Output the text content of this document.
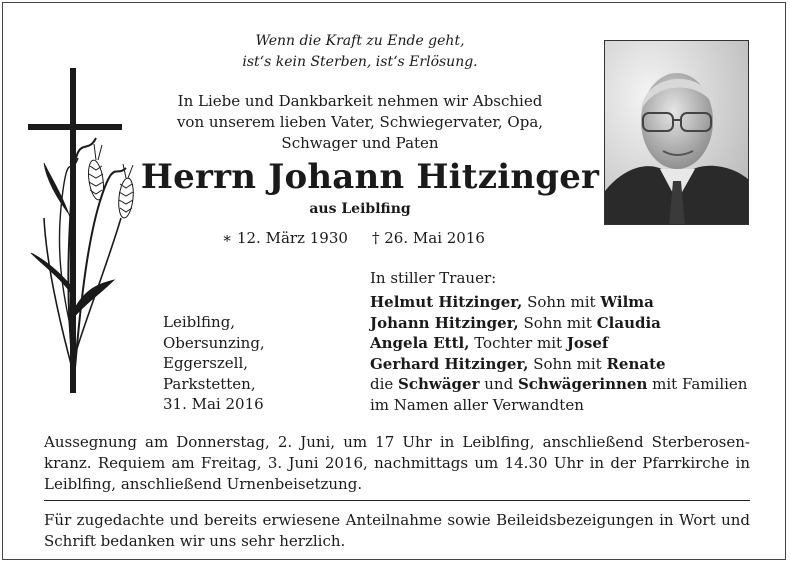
Wenn die Kraft zu Ende geht,
ist‘s kein Sterben, ist‘s Erlösung.
In Liebe und Dankbarkeit nehmen wir Abschied
von unserem lieben Vater, Schwiegervater, Opa,
Schwager und Paten
Herrn Johann Hitzinger
aus Leiblfing
∗ 12. März 1930 † 26. Mai 2016
In stiller Trauer:
Leiblfing,
Obersunzing,
Eggerszell,
Parkstetten,
31. Mai 2016
Helmut Hitzinger, Sohn mit Wilma
Johann Hitzinger, Sohn mit Claudia
Angela Ettl, Tochter mit Josef
Gerhard Hitzinger, Sohn mit Renate
die Schwäger und Schwägerinnen mit Familien
im Namen aller Verwandten
Aussegnung am Donnerstag, 2. Juni, um 17 Uhr in Leiblfing, anschließend Sterberosenkranz. Requiem am Freitag, 3. Juni 2016, nachmittags um 14.30 Uhr in der Pfarrkirche in Leiblfing, anschließend Urnenbeisetzung.
Für zugedachte und bereits erwiesene Anteilnahme sowie Beileidsbezeigungen in Wort und Schrift bedanken wir uns sehr herzlich.
